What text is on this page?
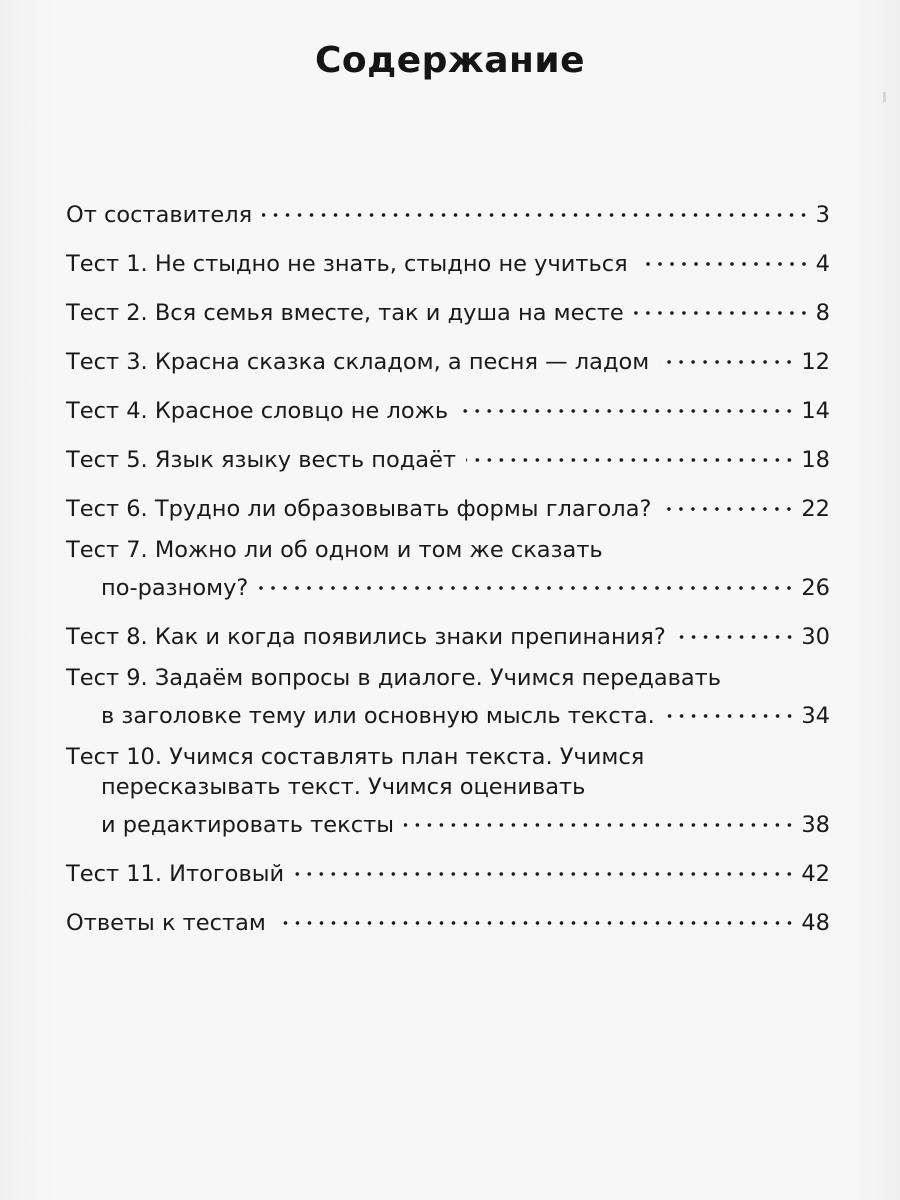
Содержание
От составителя	3
Тест 1. Не стыдно не знать, стыдно не учиться	4
Тест 2. Вся семья вместе, так и душа на месте	8
Тест 3. Красна сказка складом, а песня — ладом	12
Тест 4. Красное словцо не ложь	14
Тест 5. Язык языку весть подаёт	18
Тест 6. Трудно ли образовывать формы глагола?	22
Тест 7. Можно ли об одном и том же сказать
по-разному?	26
Тест 8. Как и когда появились знаки препинания?	30
Тест 9. Задаём вопросы в диалоге. Учимся передавать
в заголовке тему или основную мысль текста.	34
Тест 10. Учимся составлять план текста. Учимся
пересказывать текст. Учимся оценивать
и редактировать тексты	38
Тест 11. Итоговый	42
Ответы к тестам	48
